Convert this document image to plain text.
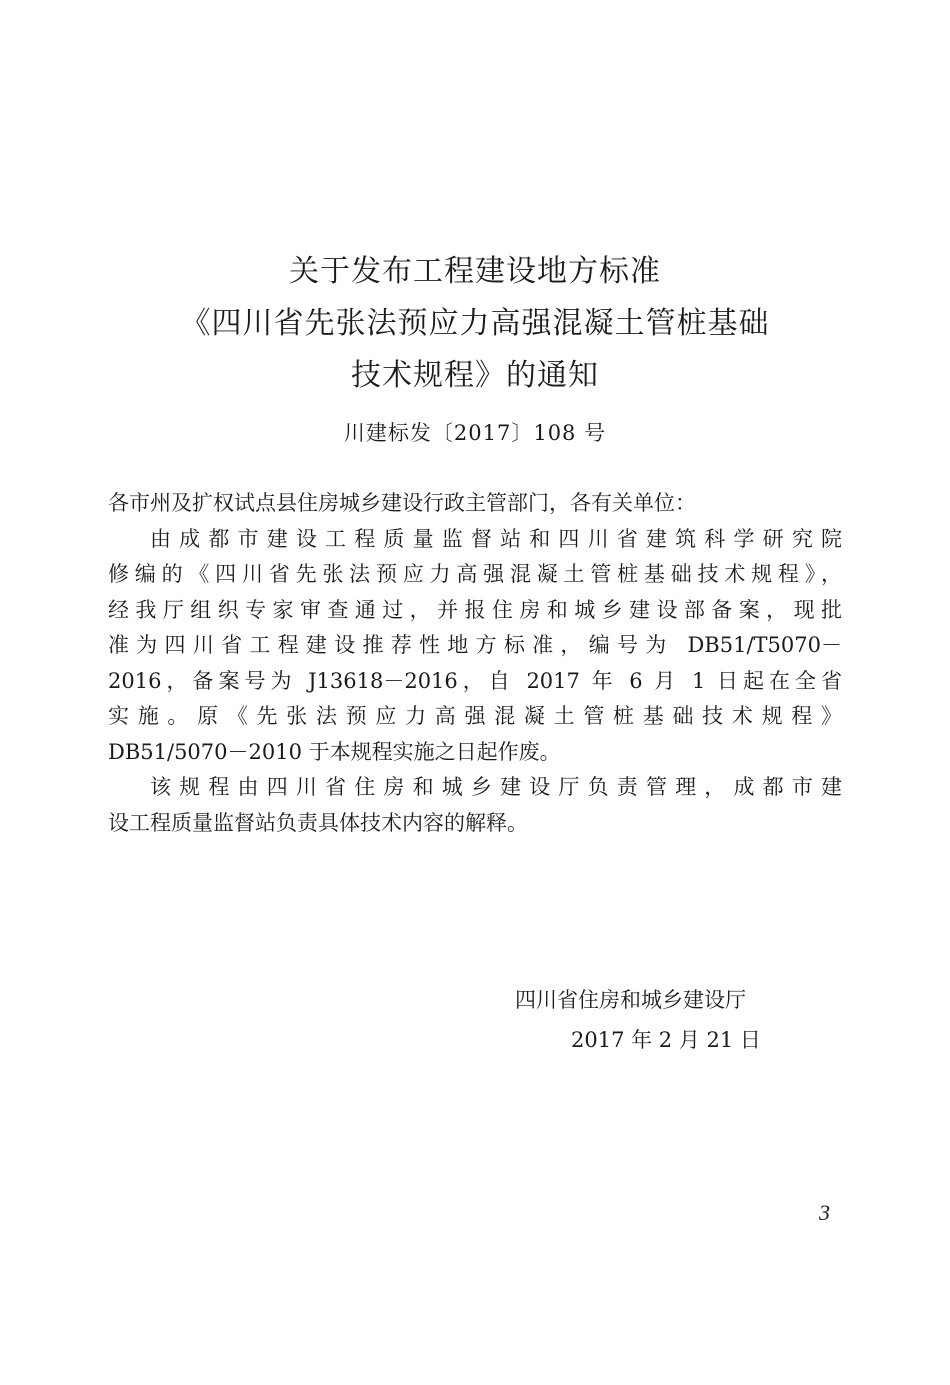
关于发布工程建设地方标准
《四川省先张法预应力高强混凝土管桩基础
技术规程》的通知
川建标发〔2017〕108 号
各市州及扩权试点县住房城乡建设行政主管部门，各有关单位：
由成都市建设工程质量监督站和四川省建筑科学研究院
修编的《四川省先张法预应力高强混凝土管桩基础技术规程》，
经我厅组织专家审查通过，并报住房和城乡建设部备案，现批
准为四川省工程建设推荐性地方标准，编号为 DB51/T5070－
2016，备案号为 J13618－2016，自 2017 年 6 月 1 日起在全省
实施。原《先张法预应力高强混凝土管桩基础技术规程》
DB51/5070－2010 于本规程实施之日起作废。
该规程由四川省住房和城乡建设厅负责管理，成都市建
设工程质量监督站负责具体技术内容的解释。
四川省住房和城乡建设厅
2017 年 2 月 21 日
3
